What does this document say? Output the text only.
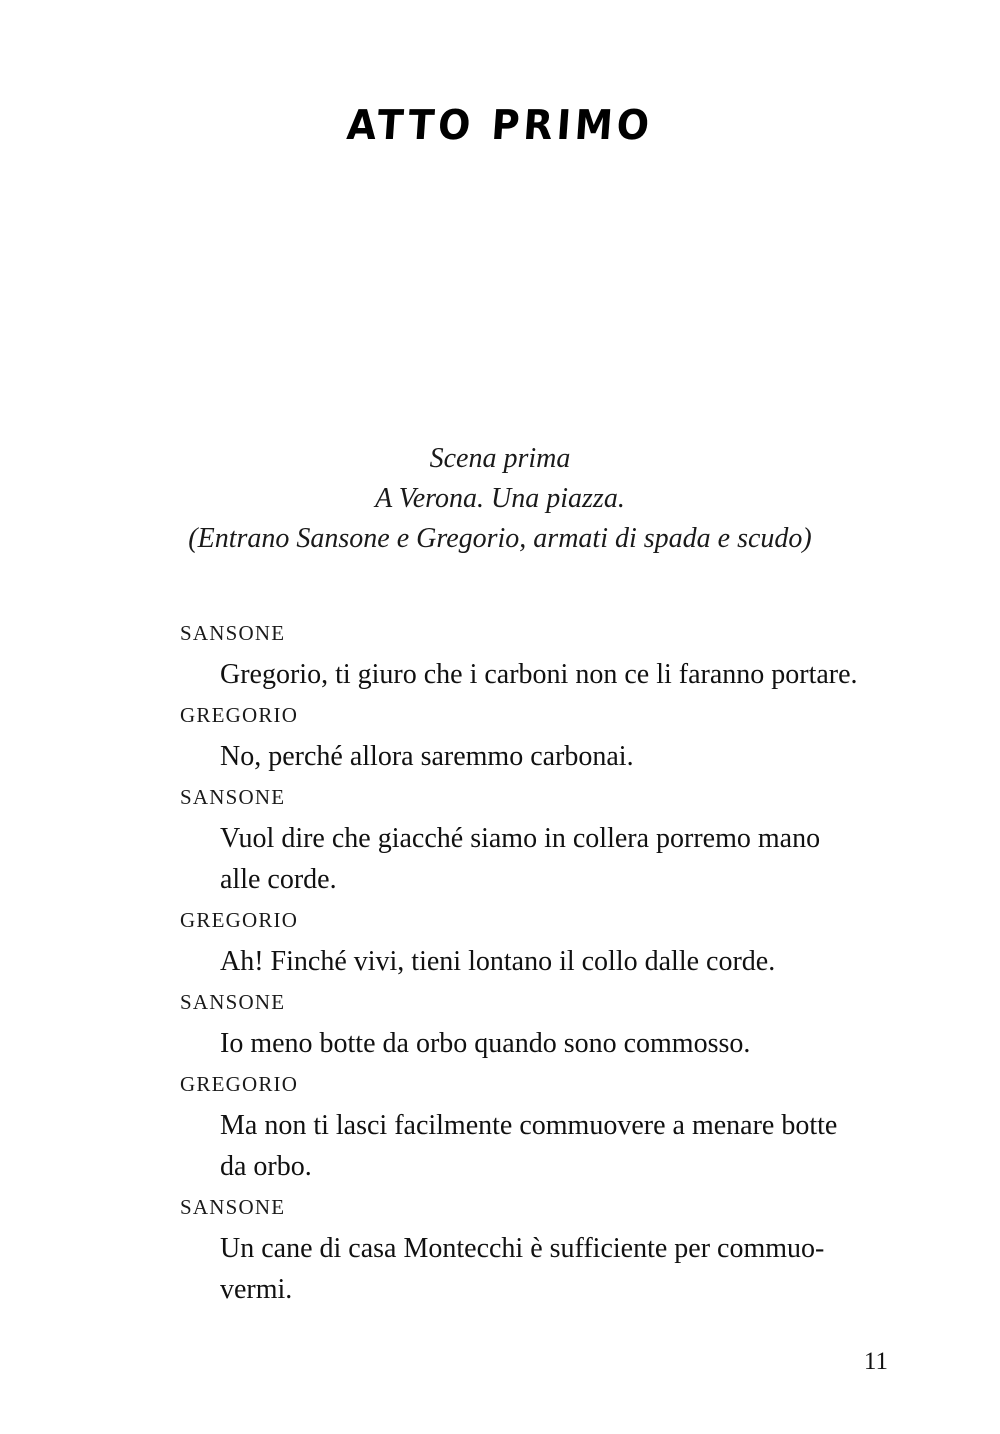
ATTO PRIMO
Scena prima
A Verona. Una piazza.
(Entrano Sansone e Gregorio, armati di spada e scudo)
SANSONE
Gregorio, ti giuro che i carboni non ce li faranno portare.
GREGORIO
No, perché allora saremmo carbonai.
SANSONE
Vuol dire che giacché siamo in collera porremo mano
alle corde.
GREGORIO
Ah! Finché vivi, tieni lontano il collo dalle corde.
SANSONE
Io meno botte da orbo quando sono commosso.
GREGORIO
Ma non ti lasci facilmente commuovere a menare botte
da orbo.
SANSONE
Un cane di casa Montecchi è sufficiente per commuo-
vermi.
11
